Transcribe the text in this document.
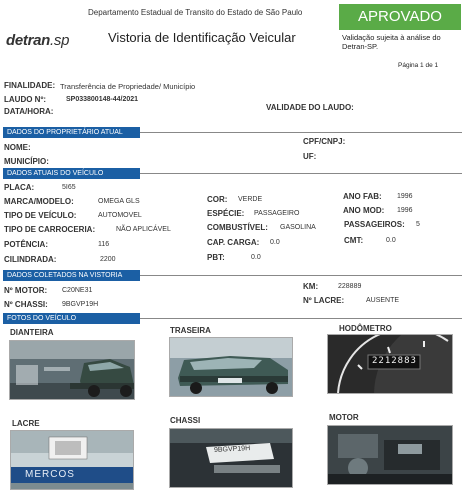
Departamento Estadual de Transito do Estado de São Paulo
detran.sp	Vistoria de Identificação Veicular
APROVADO
Validação sujeita à análise do Detran-SP.
Página 1 de 1
FINALIDADE: Transferência de Propriedade/ Município
LAUDO Nº:	SP033800148-44/2021
DATA/HORA:	VALIDADE DO LAUDO:
DADOS DO PROPRIETÁRIO ATUAL
NOME:
CPF/CNPJ:
MUNICÍPIO:
UF:
DADOS ATUAIS DO VEÍCULO
PLACA:	5I65
MARCA/MODELO:	OMEGA GLS	COR: VERDE	ANO FAB: 1996
TIPO DE VEÍCULO:	AUTOMOVEL	ESPÉCIE: PASSAGEIRO	ANO MOD: 1996
TIPO DE CARROCERIA:	NÃO APLICÁVEL	COMBUSTÍVEL: GASOLINA	PASSAGEIROS: 5
POTÊNCIA:	116	CAP. CARGA: 0.0	CMT:	0.0
CILINDRADA:	2200	PBT:	0.0
DADOS COLETADOS NA VISTORIA
Nº MOTOR: C20NE31	KM:	228889
Nº CHASSI: 9BGVP19H	Nº LACRE:	AUSENTE
FOTOS DO VEÍCULO
DIANTEIRA	TRASEIRA	HODÔMETRO
2212883

LACRE	CHASSI	MOTOR
MERCOS
9BGVP19H
